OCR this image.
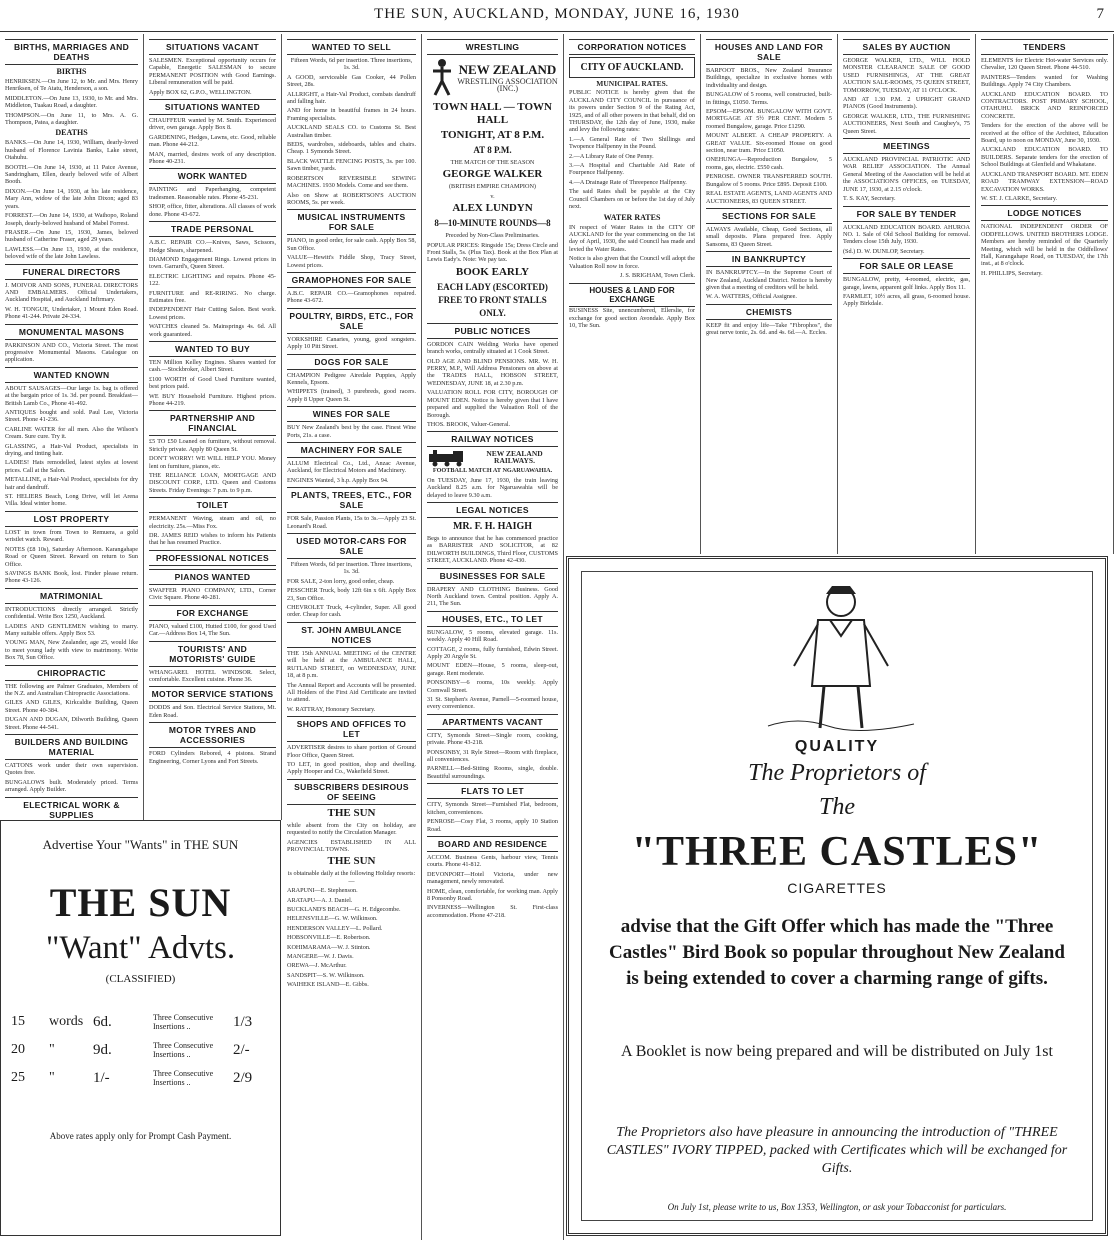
THE SUN, AUCKLAND, MONDAY, JUNE 16, 1930	7
BIRTHS, MARRIAGES AND DEATHS
BIRTHS
HENRIKSEN.—On June 12, to Mr. and Mrs. Henry Henriksen, of Te Atatu, Henderson, a son.
MIDDLETON.—On June 13, 1930, to Mr. and Mrs. Middleton, Tuakau Road, a daughter.
THOMPSON.—On June 11, to Mrs. A. G. Thompson, Patea, a daughter.
DEATHS
BANKS.—On June 14, 1930, William, dearly-loved husband of Florence Lavinia Banks, Lake street, Otahuhu.
BOOTH.—On June 14, 1930, at 11 Paice Avenue, Sandringham, Ellen, dearly beloved wife of Albert Booth.
DIXON.—On June 14, 1930, at his late residence, Mary Ann, widow of the late John Dixon; aged 83 years.
FORREST.—On June 14, 1930, at Waihopo, Roland Joseph, dearly-beloved husband of Mabel Forrest.
FRASER.—On June 15, 1930, James, beloved husband of Catherine Fraser, aged 29 years.
LAWLESS.—On June 13, 1930, at the residence, beloved wife of the late John Lawless.
FUNERAL DIRECTORS
J. MOIVOR AND SONS, FUNERAL DIRECTORS AND EMBALMERS. Official Undertakers, Auckland Hospital, and Auckland Infirmary.
W. H. TONGUE, Undertaker, 1 Mount Eden Road. Phone 41-244. Private 24-334.
MONUMENTAL MASONS
PARKINSON AND CO., Victoria Street. The most progressive Monumental Masons. Catalogue on application.
WANTED KNOWN
ABOUT SAUSAGES—Our large 1s. bag is offered at the bargain price of 1s. 3d. per pound. Breakfast—British Lamb Co., Phone 41-492.
ANTIQUES bought and sold. Paul Lee, Victoria Street. Phone 41-236.
CARLINE WATER for all men. Also the Wilson's Cream. Sure cure. Try it.
GLASSING, a Hair-Val Product, specialists in drying, and tinting hair.
LADIES! Hats remodelled, latest styles at lowest prices. Call at the Salon.
METALLINE, a Hair-Val Product, specialists for dry hair and dandruff.
ST. HELIERS Beach, Long Drive, will let Arena Villa. Ideal winter home.
LOST PROPERTY
LOST in town from Town to Remuera, a gold wristlet watch. Reward.
NOTES (£8 10s), Saturday Afternoon. Karangahape Road or Queen Street. Reward on return to Sun Office.
SAVINGS BANK Book, lost. Finder please return. Phone 43-126.
MATRIMONIAL
INTRODUCTIONS directly arranged. Strictly confidential. Write Box 1250, Auckland.
LADIES AND GENTLEMEN wishing to marry. Many suitable offers. Apply Box 53.
YOUNG MAN, New Zealander, age 25, would like to meet young lady with view to matrimony. Write Box 78, Sun Office.
CHIROPRACTIC
THE following are Palmer Graduates, Members of the N.Z. and Australian Chiropractic Associations.
GILES AND GILES, Kirkcaldie Building, Queen Street. Phone 40-384.
DUGAN AND DUGAN, Dilworth Building, Queen Street. Phone 44-541.
BUILDERS AND BUILDING MATERIAL
CATTONS work under their own supervision. Quotes free.
BUNGALOWS built. Moderately priced. Terms arranged. Apply Builder.
ELECTRICAL WORK & SUPPLIES
SITUATIONS VACANT
SALESMEN. Exceptional opportunity occurs for Capable, Energetic SALESMAN to secure PERMANENT POSITION with Good Earnings. Liberal remuneration will be paid.
Apply BOX 62, G.P.O., WELLINGTON.
SITUATIONS WANTED
CHAUFFEUR wanted by M. Smith. Experienced driver, own garage. Apply Box 8.
GARDENING, Hedges, Lawns, etc. Good, reliable man. Phone 44-212.
MAN, married, desires work of any description. Phone 40-231.
WORK WANTED
PAINTING and Paperhanging, competent tradesmen. Reasonable rates. Phone 45-231.
SHOP, office, fitter, alterations. All classes of work done. Phone 43-672.
TRADE PERSONAL
A.B.C. REPAIR CO.—Knives, Saws, Scissors, Hedge Shears, sharpened.
DIAMOND Engagement Rings. Lowest prices in town. Garrard's, Queen Street.
ELECTRIC LIGHTING and repairs. Phone 45-122.
FURNITURE and RE-RIRING. No charge. Estimates free.
INDEPENDENT Hair Cutting Salon. Best work. Lowest prices.
WATCHES cleaned 5s. Mainsprings 4s. 6d. All work guaranteed.
WANTED TO BUY
TEN Million Kelley Engines. Shares wanted for cash.—Stockbroker, Albert Street.
£100 WORTH of Good Used Furniture wanted, best prices paid.
WE BUY Household Furniture. Highest prices. Phone 44-219.
PARTNERSHIP AND FINANCIAL
£5 TO £50 Loaned on furniture, without removal. Strictly private. Apply 80 Queen St.
DON'T WORRY! WE WILL HELP YOU. Money lent on furniture, pianos, etc.
THE RELIANCE LOAN, MORTGAGE AND DISCOUNT CORP., LTD. Queen and Customs Streets. Friday Evenings: 7 p.m. to 9 p.m.
TOILET
PERMANENT Waving, steam and oil, no electricity. 25s.—Miss Fox.
DR. JAMES REID wishes to inform his Patients that he has resumed Practice.
PROFESSIONAL NOTICES
PIANOS WANTED
SWAFFER PIANO COMPANY, LTD., Corner Civic Square. Phone 40-281.
FOR EXCHANGE
PIANO, valued £100, Hutted £100, for good Used Car.—Address Box 14, The Sun.
TOURISTS' AND MOTORISTS' GUIDE
WHANGAREI. HOTEL WINDSOR. Select, comfortable. Excellent cuisine. Phone 36.
MOTOR SERVICE STATIONS
DODDS and Son. Electrical Service Stations, Mt. Eden Road.
MOTOR TYRES AND ACCESSORIES
FORD Cylinders Rebored, 4 pistons. Strand Engineering, Corner Lyons and Fort Streets.
Advertise Your "Wants" in THE SUN
THE SUN
"Want" Advts.
(CLASSIFIED)
15	words 6d.	Three Consecutive Insertions ..	1/3
20	"	9d.	Three Consecutive Insertions ..	2/-
25	"	1/-	Three Consecutive Insertions ..	2/9
Above rates apply only for Prompt Cash Payment.
WANTED TO SELL
Fifteen Words, 6d per insertion. Three insertions, 1s. 3d.
A GOOD, serviceable Gas Cooker, 44 Pollen Street, 28s.
ALLRIGHT, a Hair-Val Product, combats dandruff and falling hair.
AND for home in beautiful frames in 24 hours. Framing specialists.
AUCKLAND SEALS CO. to Customs St. Best Australian timber.
BEDS, wardrobes, sideboards, tables and chairs. Cheap. 1 Symonds Street.
BLACK WATTLE FENCING POSTS, 3s. per 100. Sawn timber, yards.
ROBERTSON REVERSIBLE SEWING MACHINES. 1930 Models. Come and see them.
Also on Show at ROBERTSON'S AUCTION ROOMS, 5s. per week.
MUSICAL INSTRUMENTS FOR SALE
PIANO, in good order, for sale cash. Apply Box 58, Sun Office.
VALUE—Hewitt's Fiddle Shop, Tracy Street, Lowest prices.
GRAMOPHONES FOR SALE
A.B.C. REPAIR CO.—Gramophones repaired. Phone 43-672.
POULTRY, BIRDS, ETC., FOR SALE
YORKSHIRE Canaries, young, good songsters. Apply 10 Pitt Street.
DOGS FOR SALE
CHAMPION Pedigree Airedale Puppies, Apply Kennels, Epsom.
WHIPPETS (trained), 3 purebreds, good racers. Apply 8 Upper Queen St.
WINES FOR SALE
BUY New Zealand's best by the case. Finest Wine Ports, 21s. a case.
MACHINERY FOR SALE
ALLUM Electrical Co., Ltd., Anzac Avenue, Auckland, for Electrical Motors and Machinery.
ENGINES Wanted, 3 h.p. Apply Box 94.
PLANTS, TREES, ETC., FOR SALE
FOR Sale, Passion Plants, 15s to 3s.—Apply 23 St. Leonard's Road.
USED MOTOR-CARS FOR SALE
Fifteen Words, 6d per insertion. Three insertions, 1s. 3d.
FOR SALE, 2-ton lorry, good order, cheap.
PESSCHER Truck, body 12ft 6in x 6ft. Apply Box 23, Sun Office.
CHEVROLET Truck, 4-cylinder, Super. All good order. Cheap for cash.
ST. JOHN AMBULANCE NOTICES
THE 15th ANNUAL MEETING of the CENTRE will be held at the AMBULANCE HALL, RUTLAND STREET, on WEDNESDAY, JUNE 18, at 8 p.m.
The Annual Report and Accounts will be presented. All Holders of the First Aid Certificate are invited to attend.
W. RATTRAY, Honorary Secretary.
SHOPS AND OFFICES TO LET
ADVERTISER desires to share portion of Ground Floor Office, Queen Street.
TO LET, in good position, shop and dwelling. Apply Hooper and Co., Wakefield Street.
SUBSCRIBERS DESIROUS OF SEEING
THE SUN
while absent from the City on holiday, are requested to notify the Circulation Manager.
AGENCIES ESTABLISHED IN ALL PROVINCIAL TOWNS.
THE SUN
is obtainable daily at the following Holiday resorts:—
ARAPUNI—E. Stephenson.
ARATAPU—A. J. Daniel.
BUCKLAND'S BEACH—G. H. Edgecombe.
HELENSVILLE—G. W. Wilkinson.
HENDERSON VALLEY—L. Pollard.
HOBSONVILLE—E. Robertson.
KOHIMARAMA—W. J. Stinton.
MANGERE—W. J. Davis.
OREWA—J. McArthur.
SANDSPIT—S. W. Wilkinson.
WAIHEKE ISLAND—E. Gibbs.
WRESTLING
NEW ZEALAND
WRESTLING ASSOCIATION (INC.)
TOWN HALL — TOWN HALL
TONIGHT, AT 8 P.M.
AT 8 P.M.
THE MATCH OF THE SEASON
GEORGE WALKER
(BRITISH EMPIRE CHAMPION)
v.
ALEX LUNDYN
8—10-MINUTE ROUNDS—8
Preceded by Non-Class Preliminaries.
POPULAR PRICES: Ringside 15s; Dress Circle and Front Stalls, 5s. (Plus Tax). Book at the Box Plan at Lewis Eady's. Note: We pay tax.
BOOK EARLY
EACH LADY (ESCORTED) FREE TO FRONT STALLS ONLY.
PUBLIC NOTICES
GORDON CAIN Welding Works have opened branch works, centrally situated at 1 Cook Street.
OLD AGE AND BLIND PENSIONS. MR. W. H. PERRY, M.P., Will Address Pensioners on above at the TRADES HALL, HOBSON STREET, WEDNESDAY, JUNE 18, at 2.30 p.m.
VALUATION ROLL FOR CITY, BOROUGH OF MOUNT EDEN. Notice is hereby given that I have prepared and supplied the Valuation Roll of the Borough.
THOS. BROOK, Valuer-General.
RAILWAY NOTICES
NEW ZEALAND RAILWAYS.
FOOTBALL MATCH AT NGARUAWAHIA.
On TUESDAY, June 17, 1930, the train leaving Auckland 8.25 a.m. for Ngaruawahia will be delayed to leave 9.30 a.m.
LEGAL NOTICES
MR. F. H. HAIGH
Begs to announce that he has commenced practice as BARRISTER AND SOLICITOR, at 82 DILWORTH BUILDINGS, Third Floor, CUSTOMS STREET, AUCKLAND. Phone 42-430.
BUSINESSES FOR SALE
DRAPERY AND CLOTHING Business. Good North Auckland town. Central position. Apply A. 211, The Sun.
HOUSES, ETC., TO LET
BUNGALOW, 5 rooms, elevated garage. 11s. weekly. Apply 40 Hill Road.
COTTAGE, 2 rooms, fully furnished, Edwin Street. Apply 20 Argyle St.
MOUNT EDEN—House, 5 rooms, sleep-out, garage. Rent moderate.
PONSONBY—6 rooms, 10s weekly. Apply Cornwall Street.
31 St. Stephen's Avenue, Parnell—5-roomed house, every convenience.
APARTMENTS VACANT
CITY, Symonds Street—Single room, cooking, private. Phone 43-218.
PONSONBY, 31 Ryle Street—Room with fireplace, all conveniences.
PARNELL—Bed-Sitting Rooms, single, double. Beautiful surroundings.
FLATS TO LET
CITY, Symonds Street—Furnished Flat, bedroom, kitchen, conveniences.
PENROSE—Cosy Flat, 3 rooms, apply 10 Station Road.
BOARD AND RESIDENCE
ACCOM. Business Gents, harbour view, Tennis courts. Phone 41-812.
DEVONPORT—Hotel Victoria, under new management, newly renovated.
HOME, clean, comfortable, for working man. Apply 8 Ponsonby Road.
INVERNESS—Wellington St. First-class accommodation. Phone 47-218.
CORPORATION NOTICES
CITY OF AUCKLAND.
MUNICIPAL RATES.
PUBLIC NOTICE is hereby given that the AUCKLAND CITY COUNCIL in pursuance of its powers under Section 9 of the Rating Act, 1925, and of all other powers in that behalf, did on THURSDAY, the 12th day of June, 1930, make and levy the following rates:
1.—A General Rate of Two Shillings and Twopence Halfpenny in the Pound.
2.—A Library Rate of One Penny.
3.—A Hospital and Charitable Aid Rate of Fourpence Halfpenny.
4.—A Drainage Rate of Threepence Halfpenny.
The said Rates shall be payable at the City Council Chambers on or before the 1st day of July next.
WATER RATES
IN respect of Water Rates in the CITY OF AUCKLAND for the year commencing on the 1st day of April, 1930, the said Council has made and levied the Water Rates.
Notice is also given that the Council will adopt the Valuation Roll now in force.
J. S. BRIGHAM, Town Clerk.
HOUSES & LAND FOR EXCHANGE
BUSINESS Site, unencumbered, Ellerslie, for exchange for good section Avondale. Apply Box 10, The Sun.
HOUSES AND LAND FOR SALE
BARFOOT BROS., New Zealand Insurance Buildings, specialize in exclusive homes with individuality and design.
BUNGALOW of 5 rooms, well constructed, built-in fittings, £1050. Terms.
EPSOM—EPSOM. BUNGALOW WITH GOVT. MORTGAGE AT 5½ PER CENT. Modern 5 roomed Bungalow, garage. Price £1290.
MOUNT ALBERT. A CHEAP PROPERTY. A GREAT VALUE. Six-roomed House on good section, near tram. Price £1050.
ONEHUNGA—Reproduction Bungalow, 5 rooms, gas, electric. £550 cash.
PENROSE. OWNER TRANSFERRED SOUTH. Bungalow of 5 rooms. Price £895. Deposit £100.
REAL ESTATE AGENTS, LAND AGENTS AND AUCTIONEERS, 83 QUEEN STREET.
SECTIONS FOR SALE
ALWAYS Available, Cheap, Good Sections, all small deposits. Plans prepared free. Apply Sansoms, 83 Queen Street.
IN BANKRUPTCY
IN BANKRUPTCY.—In the Supreme Court of New Zealand, Auckland District. Notice is hereby given that a meeting of creditors will be held.
W. A. WATTERS, Official Assignee.
CHEMISTS
KEEP fit and enjoy life—Take "Fibrophos", the great nerve tonic, 2s. 6d. and 4s. 6d.—A. Eccles.
SALES BY AUCTION
GEORGE WALKER, LTD., WILL HOLD MONSTER CLEARANCE SALE OF GOOD USED FURNISHINGS, AT THE GREAT AUCTION SALE-ROOMS, 75 QUEEN STREET, TOMORROW, TUESDAY, AT 11 O'CLOCK.
AND AT 1.30 P.M. 2 UPRIGHT GRAND PIANOS (Good Instruments).
GEORGE WALKER, LTD., THE FURNISHING AUCTIONEERS, Next South and Caughey's, 75 Queen Street.
MEETINGS
AUCKLAND PROVINCIAL PATRIOTIC AND WAR RELIEF ASSOCIATION. The Annual General Meeting of the Association will be held at the ASSOCIATION'S OFFICES, on TUESDAY, JUNE 17, 1930, at 2.15 o'clock.
T. S. KAY, Secretary.
FOR SALE BY TENDER
AUCKLAND EDUCATION BOARD. AHUROA NO. 1. Sale of Old School Building for removal. Tenders close 15th July, 1930.
(Sd.) D. W. DUNLOP, Secretary.
FOR SALE OR LEASE
BUNGALOW, pretty, 4-roomed, electric, gas, garage, lawns, apparent golf links. Apply Box 11.
FARMLET, 10½ acres, all grass, 6-roomed house. Apply Birkdale.
TENDERS
ELEMENTS for Electric Hot-water Services only. Chevalier, 120 Queen Street. Phone 44-510.
PAINTERS—Tenders wanted for Washing Buildings. Apply 74 City Chambers.
AUCKLAND EDUCATION BOARD. TO CONTRACTORS. POST PRIMARY SCHOOL, OTAHUHU. BRICK AND REINFORCED CONCRETE.
Tenders for the erection of the above will be received at the office of the Architect, Education Board, up to noon on MONDAY, June 30, 1930.
AUCKLAND EDUCATION BOARD. TO BUILDERS. Separate tenders for the erection of School Buildings at Glenfield and Whakatane.
AUCKLAND TRANSPORT BOARD. MT. EDEN ROAD TRAMWAY EXTENSION—ROAD EXCAVATION WORKS.
W. ST. J. CLARKE, Secretary.
LODGE NOTICES
NATIONAL INDEPENDENT ORDER OF ODDFELLOWS. UNITED BROTHERS LODGE. Members are hereby reminded of the Quarterly Meeting, which will be held in the Oddfellows' Hall, Karangahape Road, on TUESDAY, the 17th inst., at 8 o'clock.
H. PHILLIPS, Secretary.
QUALITY
The Proprietors of
The
"THREE CASTLES"
CIGARETTES
advise that the Gift Offer which has made the "Three Castles" Bird Book so popular throughout New Zealand is being extended to cover a charming range of gifts.
A Booklet is now being prepared and will be distributed on July 1st
The Proprietors also have pleasure in announcing the introduction of "THREE CASTLES" IVORY TIPPED, packed with Certificates which will be exchanged for Gifts.
On July 1st, please write to us, Box 1353, Wellington, or ask your Tobacconist for particulars.
